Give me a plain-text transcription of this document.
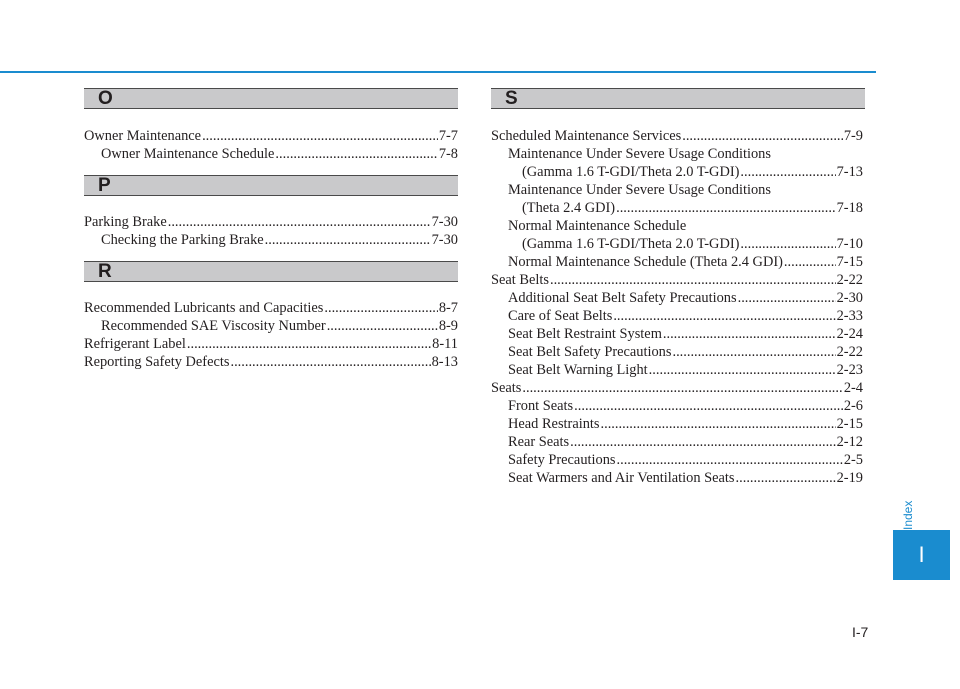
O
Owner Maintenance .....	7-7
Owner Maintenance Schedule .....	7-8
P
Parking Brake .....	7-30
Checking the Parking Brake .....	7-30
R
Recommended Lubricants and Capacities .....	8-7
Recommended SAE Viscosity Number .....	8-9
Refrigerant Label .....	8-11
Reporting Safety Defects .....	8-13
S
Scheduled Maintenance Services .....	7-9
Maintenance Under Severe Usage Conditions
(Gamma 1.6 T-GDI/Theta 2.0 T-GDI) .....	7-13
Maintenance Under Severe Usage Conditions
(Theta 2.4 GDI) .....	7-18
Normal Maintenance Schedule
(Gamma 1.6 T-GDI/Theta 2.0 T-GDI) .....	7-10
Normal Maintenance Schedule (Theta 2.4 GDI) .....	7-15
Seat Belts .....	2-22
Additional Seat Belt Safety Precautions .....	2-30
Care of Seat Belts .....	2-33
Seat Belt Restraint System .....	2-24
Seat Belt Safety Precautions .....	2-22
Seat Belt Warning Light .....	2-23
Seats .....	2-4
Front Seats .....	2-6
Head Restraints .....	2-15
Rear Seats .....	2-12
Safety Precautions .....	2-5
Seat Warmers and Air Ventilation Seats .....	2-19
Index
I
I-7
